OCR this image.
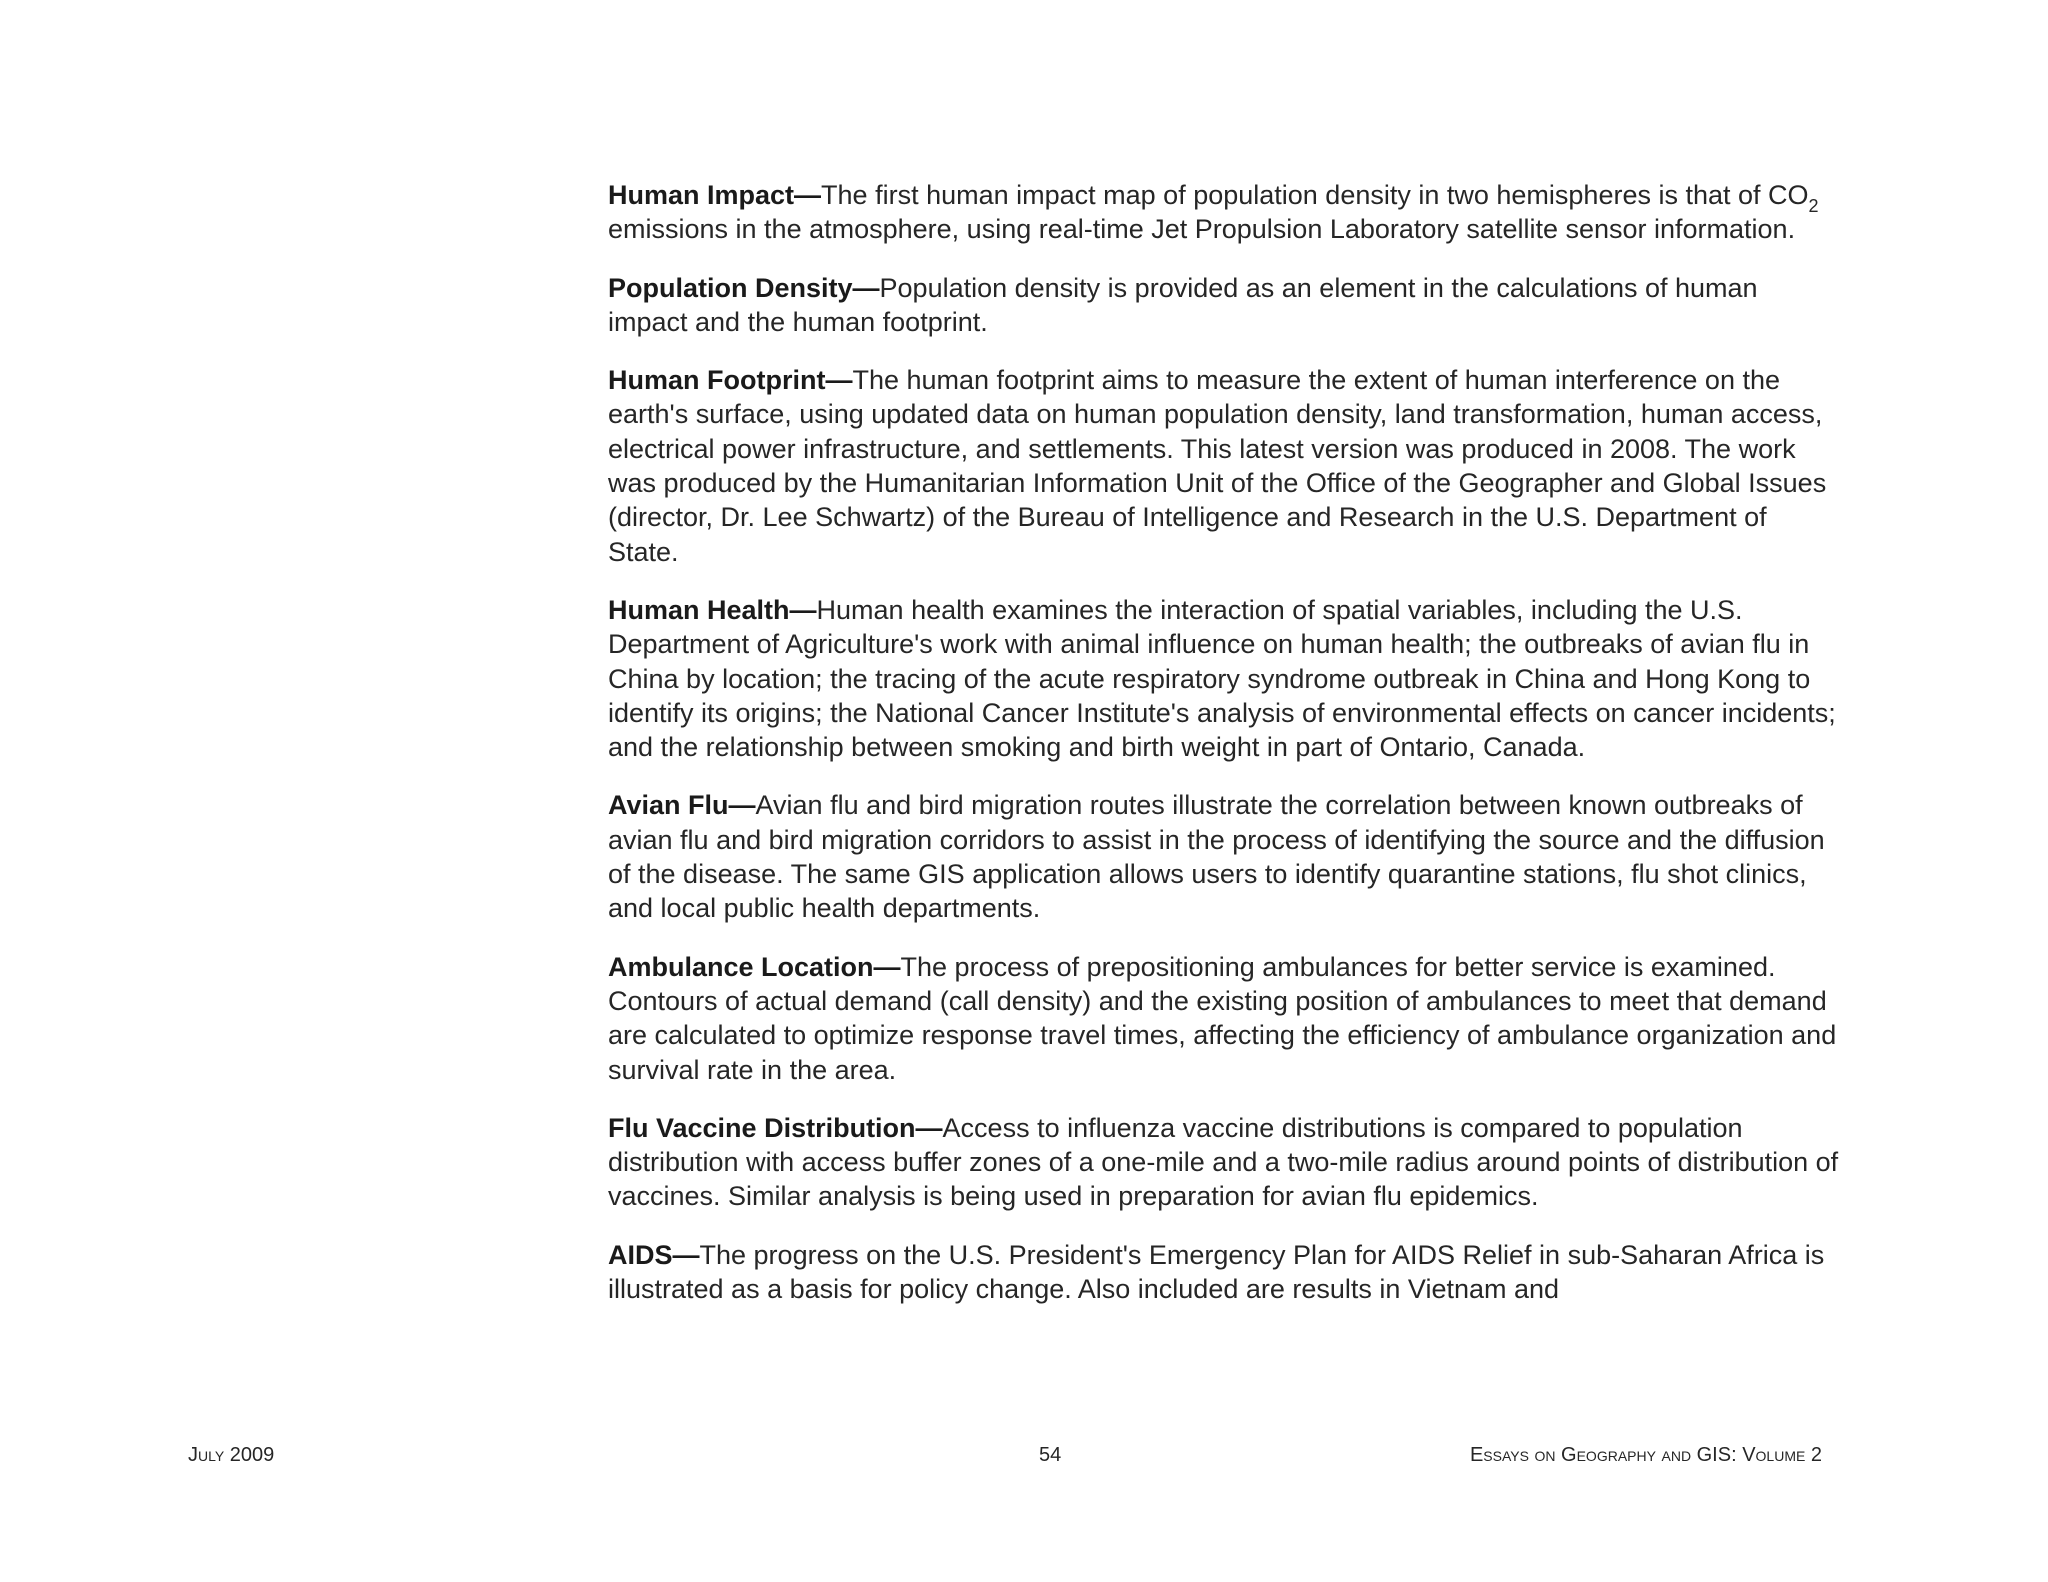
Human Impact—The first human impact map of population density in two hemispheres is that of $CO_2$ emissions in the atmosphere, using real-time Jet Propulsion Laboratory satellite sensor information.

Population Density—Population density is provided as an element in the calculations of human impact and the human footprint.

Human Footprint—The human footprint aims to measure the extent of human interference on the earth's surface, using updated data on human population density, land transformation, human access, electrical power infrastructure, and settlements. This latest version was produced in 2008. The work was produced by the Humanitarian Information Unit of the Office of the Geographer and Global Issues (director, Dr. Lee Schwartz) of the Bureau of Intelligence and Research in the U.S. Department of State.

Human Health—Human health examines the interaction of spatial variables, including the U.S. Department of Agriculture's work with animal influence on human health; the outbreaks of avian flu in China by location; the tracing of the acute respiratory syndrome outbreak in China and Hong Kong to identify its origins; the National Cancer Institute's analysis of environmental effects on cancer incidents; and the relationship between smoking and birth weight in part of Ontario, Canada.

Avian Flu—Avian flu and bird migration routes illustrate the correlation between known outbreaks of avian flu and bird migration corridors to assist in the process of identifying the source and the diffusion of the disease. The same GIS application allows users to identify quarantine stations, flu shot clinics, and local public health departments.

Ambulance Location—The process of prepositioning ambulances for better service is examined. Contours of actual demand (call density) and the existing position of ambulances to meet that demand are calculated to optimize response travel times, affecting the efficiency of ambulance organization and survival rate in the area.

Flu Vaccine Distribution—Access to influenza vaccine distributions is compared to population distribution with access buffer zones of a one-mile and a two-mile radius around points of distribution of vaccines. Similar analysis is being used in preparation for avian flu epidemics.

AIDS—The progress on the U.S. President's Emergency Plan for AIDS Relief in sub-Saharan Africa is illustrated as a basis for policy change. Also included are results in Vietnam and

July 2009	54	Essays on Geography and GIS: Volume 2
